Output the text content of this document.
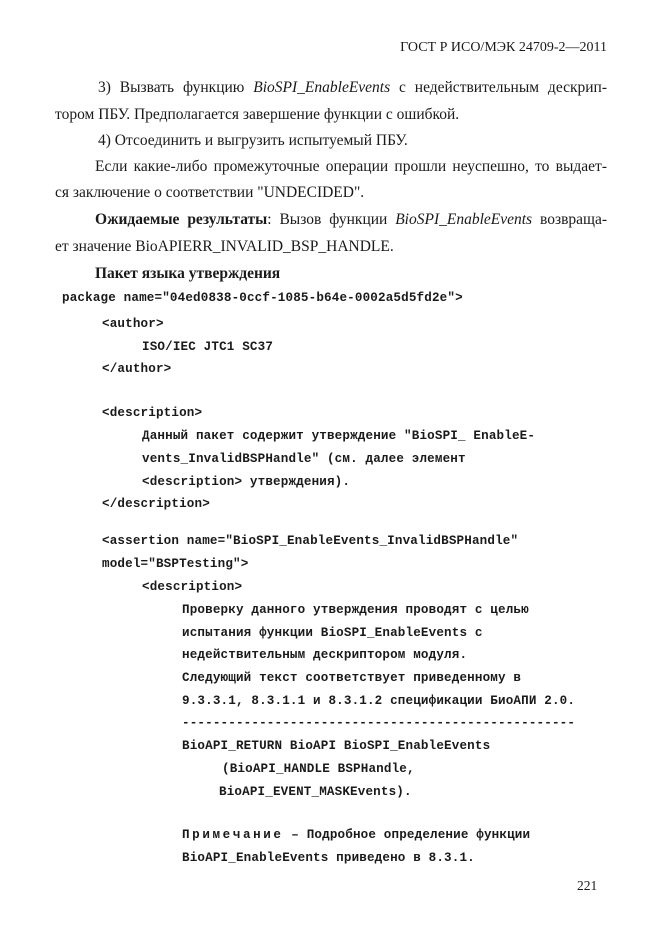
ГОСТ Р ИСО/МЭК 24709-2—2011
3) Вызвать функцию BioSPI_EnableEvents с недействительным дескрип-
тором ПБУ. Предполагается завершение функции с ошибкой.
4) Отсоединить и выгрузить испытуемый ПБУ.
Если какие-либо промежуточные операции прошли неуспешно, то выдает-
ся заключение о соответствии "UNDECIDED".
Ожидаемые результаты: Вызов функции BioSPI_EnableEvents возвраща-
ет значение BioAPIERR_INVALID_BSP_HANDLE.
Пакет языка утверждения
package name="04ed0838-0ccf-1085-b64e-0002a5d5fd2e">
<author>
ISO/IEC JTC1 SC37
</author>
<description>
Данный пакет содержит утверждение "BioSPI_ EnableE-
vents_InvalidBSPHandle" (см. далее элемент
<description> утверждения).
</description>
<assertion name="BioSPI_EnableEvents_InvalidBSPHandle"
model="BSPTesting">
<description>
Проверку данного утверждения проводят с целью
испытания функции BioSPI_EnableEvents с
недействительным дескриптором модуля.
Следующий текст соответствует приведенному в
9.3.3.1, 8.3.1.1 и 8.3.1.2 спецификации БиоАПИ 2.0.
---------------------------------------------------
BioAPI_RETURN BioAPI BioSPI_EnableEvents
(BioAPI_HANDLE BSPHandle,
BioAPI_EVENT_MASKEvents).
Примечание – Подробное определение функции
BioAPI_EnableEvents приведено в 8.3.1.
221
